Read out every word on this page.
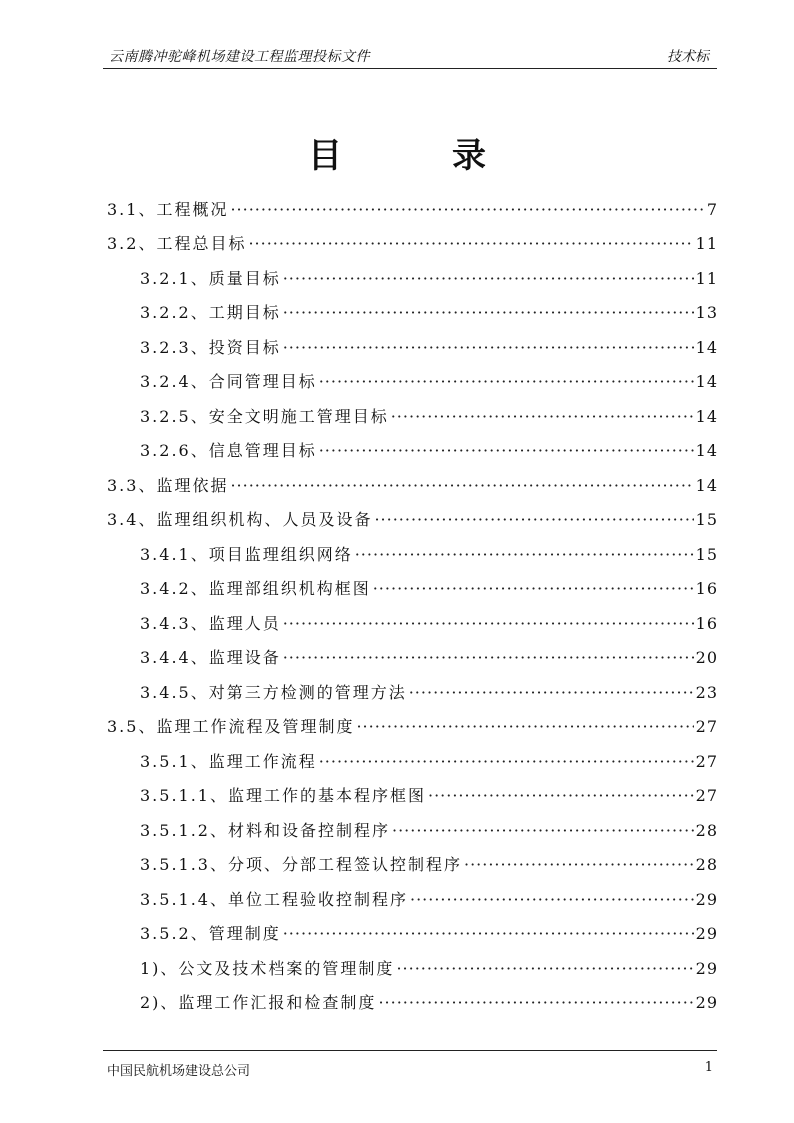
云南腾冲驼峰机场建设工程监理投标文件	技术标
目	录
3.1、工程概况 ·····	7
3.2、工程总目标 ·····	11
3.2.1、质量目标 ·····	11
3.2.2、工期目标 ·····	13
3.2.3、投资目标 ·····	14
3.2.4、合同管理目标 ·····	14
3.2.5、安全文明施工管理目标 ·····	14
3.2.6、信息管理目标 ·····	14
3.3、监理依据 ·····	14
3.4、监理组织机构、人员及设备 ·····	15
3.4.1、项目监理组织网络 ·····	15
3.4.2、监理部组织机构框图 ·····	16
3.4.3、监理人员 ·····	16
3.4.4、监理设备 ·····	20
3.4.5、对第三方检测的管理方法 ·····	23
3.5、监理工作流程及管理制度 ·····	27
3.5.1、监理工作流程 ·····	27
3.5.1.1、监理工作的基本程序框图 ·····	27
3.5.1.2、材料和设备控制程序 ·····	28
3.5.1.3、分项、分部工程签认控制程序 ·····	28
3.5.1.4、单位工程验收控制程序 ·····	29
3.5.2、管理制度 ·····	29
1)、公文及技术档案的管理制度 ·····	29
2)、监理工作汇报和检查制度 ·····	29
中国民航机场建设总公司	1
